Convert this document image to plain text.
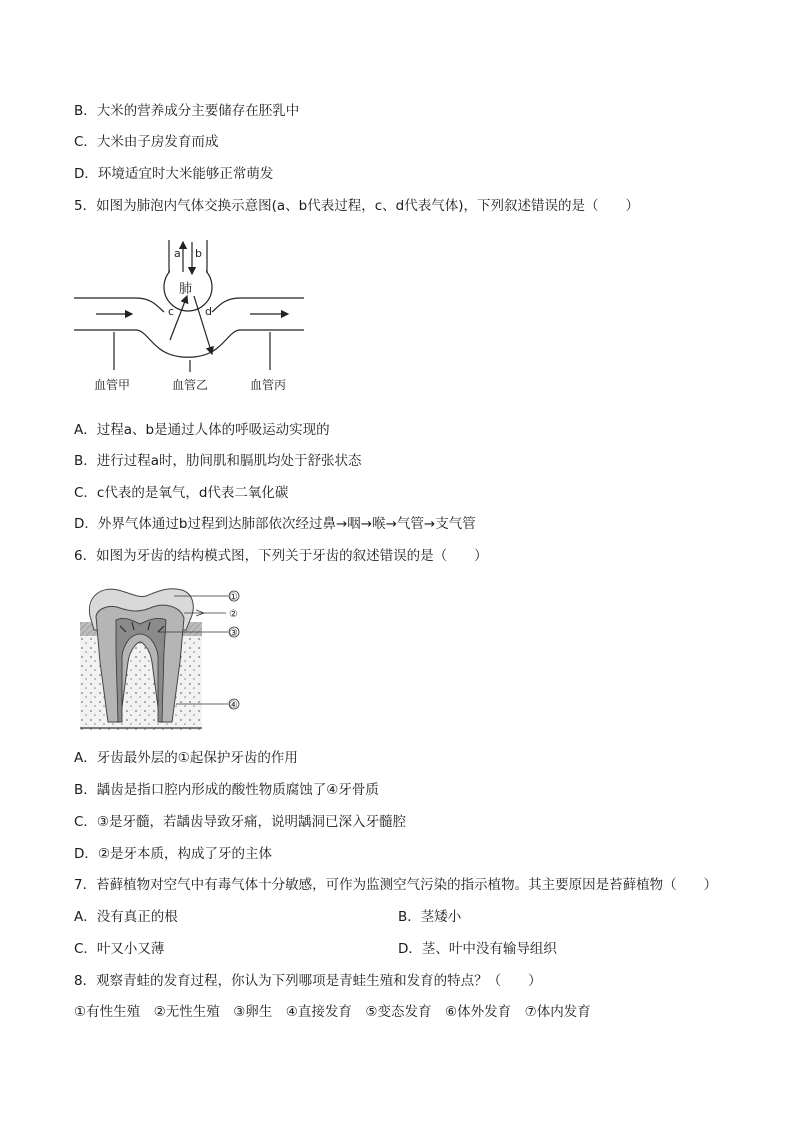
B．大米的营养成分主要储存在胚乳中
C．大米由子房发育而成
D．环境适宜时大米能够正常萌发
5．如图为肺泡内气体交换示意图(a、b代表过程，c、d代表气体)，下列叙述错误的是（　　）
a b
肺
c	d
血管甲	血管乙	血管丙
A．过程a、b是通过人体的呼吸运动实现的
B．进行过程a时，肋间肌和膈肌均处于舒张状态
C．c代表的是氧气，d代表二氧化碳
D．外界气体通过b过程到达肺部依次经过鼻→咽→喉→气管→支气管
6．如图为牙齿的结构模式图，下列关于牙齿的叙述错误的是（　　）
①
②
③
④
A．牙齿最外层的①起保护牙齿的作用
B．龋齿是指口腔内形成的酸性物质腐蚀了④牙骨质
C．③是牙髓，若龋齿导致牙痛，说明龋洞已深入牙髓腔
D．②是牙本质，构成了牙的主体
7．苔藓植物对空气中有毒气体十分敏感，可作为监测空气污染的指示植物。其主要原因是苔藓植物（　　）
A．没有真正的根	B．茎矮小
C．叶又小又薄	D．茎、叶中没有输导组织
8．观察青蛙的发育过程，你认为下列哪项是青蛙生殖和发育的特点？（　　）
①有性生殖　②无性生殖　③卵生　④直接发育　⑤变态发育　⑥体外发育　⑦体内发育
